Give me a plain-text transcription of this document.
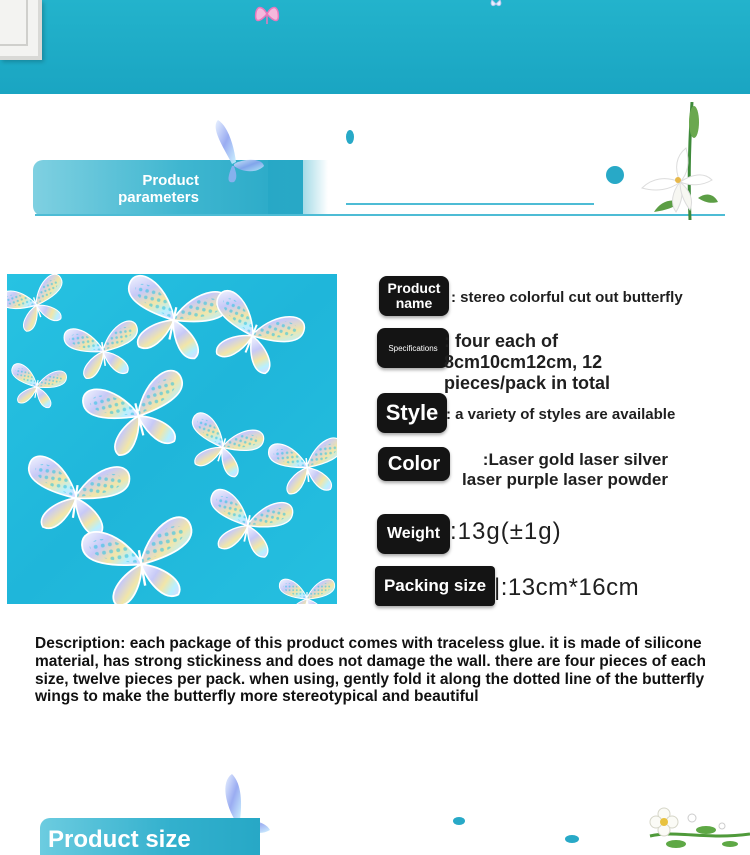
Product parameters
Product name	: stereo colorful cut out butterfly
Specifications : four each of 8cm10cm12cm, 12 pieces/pack in total
Style : a variety of styles are available
Color	:Laser gold laser silver laser purple laser powder
Weight :13g(±1g)
Packing size |:13cm*16cm
Description: each package of this product comes with traceless glue. it is made of silicone material, has strong stickiness and does not damage the wall. there are four pieces of each size, twelve pieces per pack. when using, gently fold it along the dotted line of the butterfly wings to make the butterfly more stereotypical and beautiful
Product size
